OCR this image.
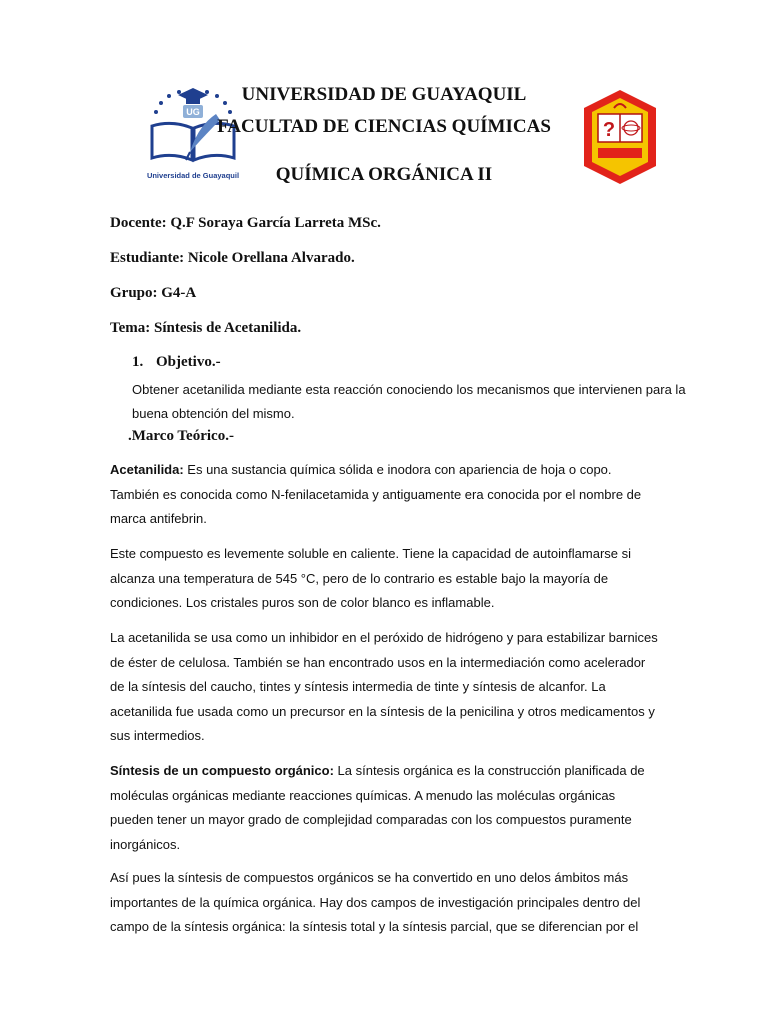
UG
Universidad de Guayaquil
?
UNIVERSIDAD DE GUAYAQUIL
FACULTAD DE CIENCIAS QUÍMICAS
QUÍMICA ORGÁNICA II
Docente: Q.F Soraya García Larreta MSc.
Estudiante: Nicole Orellana Alvarado.
Grupo: G4-A
Tema: Síntesis de Acetanilida.
1. Objetivo.-
Obtener acetanilida mediante esta reacción conociendo los mecanismos que intervienen para la buena obtención del mismo.
.Marco Teórico.-
Acetanilida: Es una sustancia química sólida e inodora con apariencia de hoja o copo. También es conocida como N-fenilacetamida y antiguamente era conocida por el nombre de marca antifebrin.
Este compuesto es levemente soluble en caliente. Tiene la capacidad de autoinflamarse si alcanza una temperatura de 545 °C, pero de lo contrario es estable bajo la mayoría de condiciones. Los cristales puros son de color blanco es inflamable.
La acetanilida se usa como un inhibidor en el peróxido de hidrógeno y para estabilizar barnices de éster de celulosa. También se han encontrado usos en la intermediación como acelerador de la síntesis del caucho, tintes y síntesis intermedia de tinte y síntesis de alcanfor. La acetanilida fue usada como un precursor en la síntesis de la penicilina y otros medicamentos y sus intermedios.
Síntesis de un compuesto orgánico: La síntesis orgánica es la construcción planificada de moléculas orgánicas mediante reacciones químicas. A menudo las moléculas orgánicas pueden tener un mayor grado de complejidad comparadas con los compuestos puramente inorgánicos.
Así pues la síntesis de compuestos orgánicos se ha convertido en uno delos ámbitos más importantes de la química orgánica. Hay dos campos de investigación principales dentro del campo de la síntesis orgánica: la síntesis total y la síntesis parcial, que se diferencian por el
